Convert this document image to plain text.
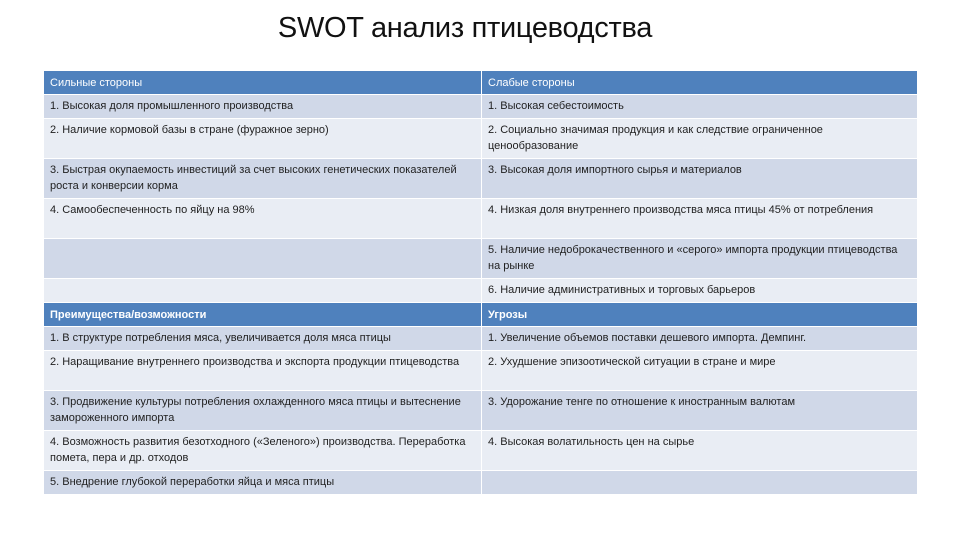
SWOT анализ птицеводства
Сильные стороны	Слабые стороны
1. Высокая доля промышленного производства	1. Высокая себестоимость
2. Наличие кормовой базы в стране (фуражное зерно)	2. Социально значимая продукция и как следствие ограниченное ценообразование
3. Быстрая окупаемость инвестиций за счет высоких генетических показателей роста и конверсии корма	3. Высокая доля импортного сырья и материалов
4. Самообеспеченность по яйцу на 98%	4. Низкая доля внутреннего производства мяса птицы 45% от потребления
	5. Наличие недоброкачественного и «серого» импорта продукции птицеводства на рынке
	6. Наличие административных и торговых барьеров
Преимущества/возможности	Угрозы
1. В структуре потребления мяса, увеличивается доля мяса птицы	1. Увеличение объемов поставки дешевого импорта. Демпинг.
2. Наращивание внутреннего производства и экспорта продукции птицеводства	2. Ухудшение эпизоотической ситуации в стране и мире
3. Продвижение культуры потребления охлажденного мяса птицы и вытеснение замороженного импорта	3. Удорожание тенге по отношение к иностранным валютам
4. Возможность развития безотходного («Зеленого») производства. Переработка помета, пера и др. отходов	4. Высокая волатильность цен на сырье
5. Внедрение глубокой переработки яйца и мяса птицы	
